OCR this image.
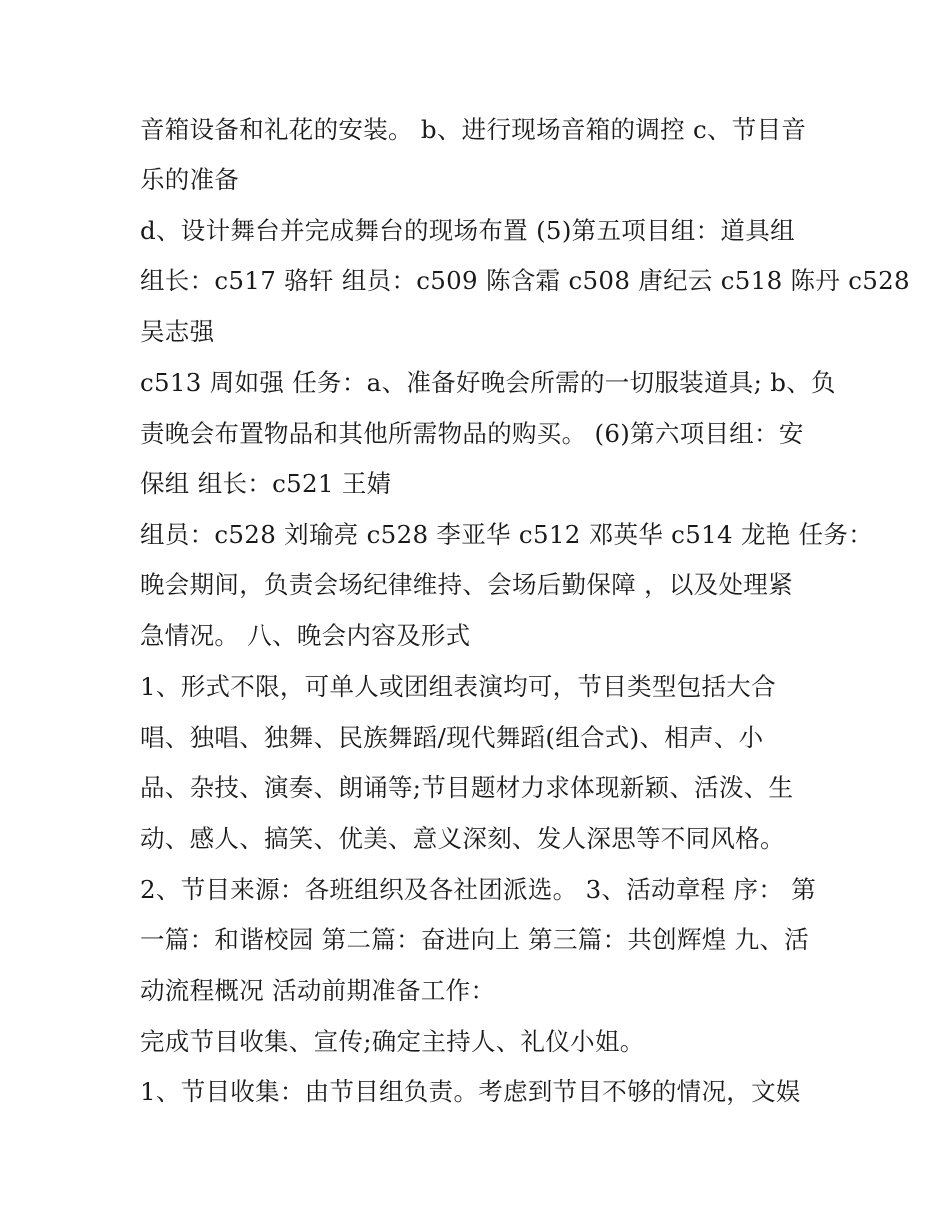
音箱设备和礼花的安装。 b、进行现场音箱的调控 c、节目音
乐的准备
d、设计舞台并完成舞台的现场布置 (5)第五项目组：道具组
组长：c517 骆轩 组员：c509 陈含霜 c508 唐纪云 c518 陈丹 c528
吴志强
c513 周如强 任务：a、准备好晚会所需的一切服装道具; b、负
责晚会布置物品和其他所需物品的购买。 (6)第六项目组：安
保组 组长：c521 王婧
组员：c528 刘瑜亮 c528 李亚华 c512 邓英华 c514 龙艳 任务：
晚会期间，负责会场纪律维持、会场后勤保障 ，以及处理紧
急情况。 八、晚会内容及形式
1、形式不限，可单人或团组表演均可，节目类型包括大合
唱、独唱、独舞、民族舞蹈/现代舞蹈(组合式)、相声、小
品、杂技、演奏、朗诵等;节目题材力求体现新颖、活泼、生
动、感人、搞笑、优美、意义深刻、发人深思等不同风格。
2、节目来源：各班组织及各社团派选。 3、活动章程 序： 第
一篇：和谐校园 第二篇：奋进向上 第三篇：共创辉煌 九、活
动流程概况 活动前期准备工作：
完成节目收集、宣传;确定主持人、礼仪小姐。
1、节目收集：由节目组负责。考虑到节目不够的情况，文娱
